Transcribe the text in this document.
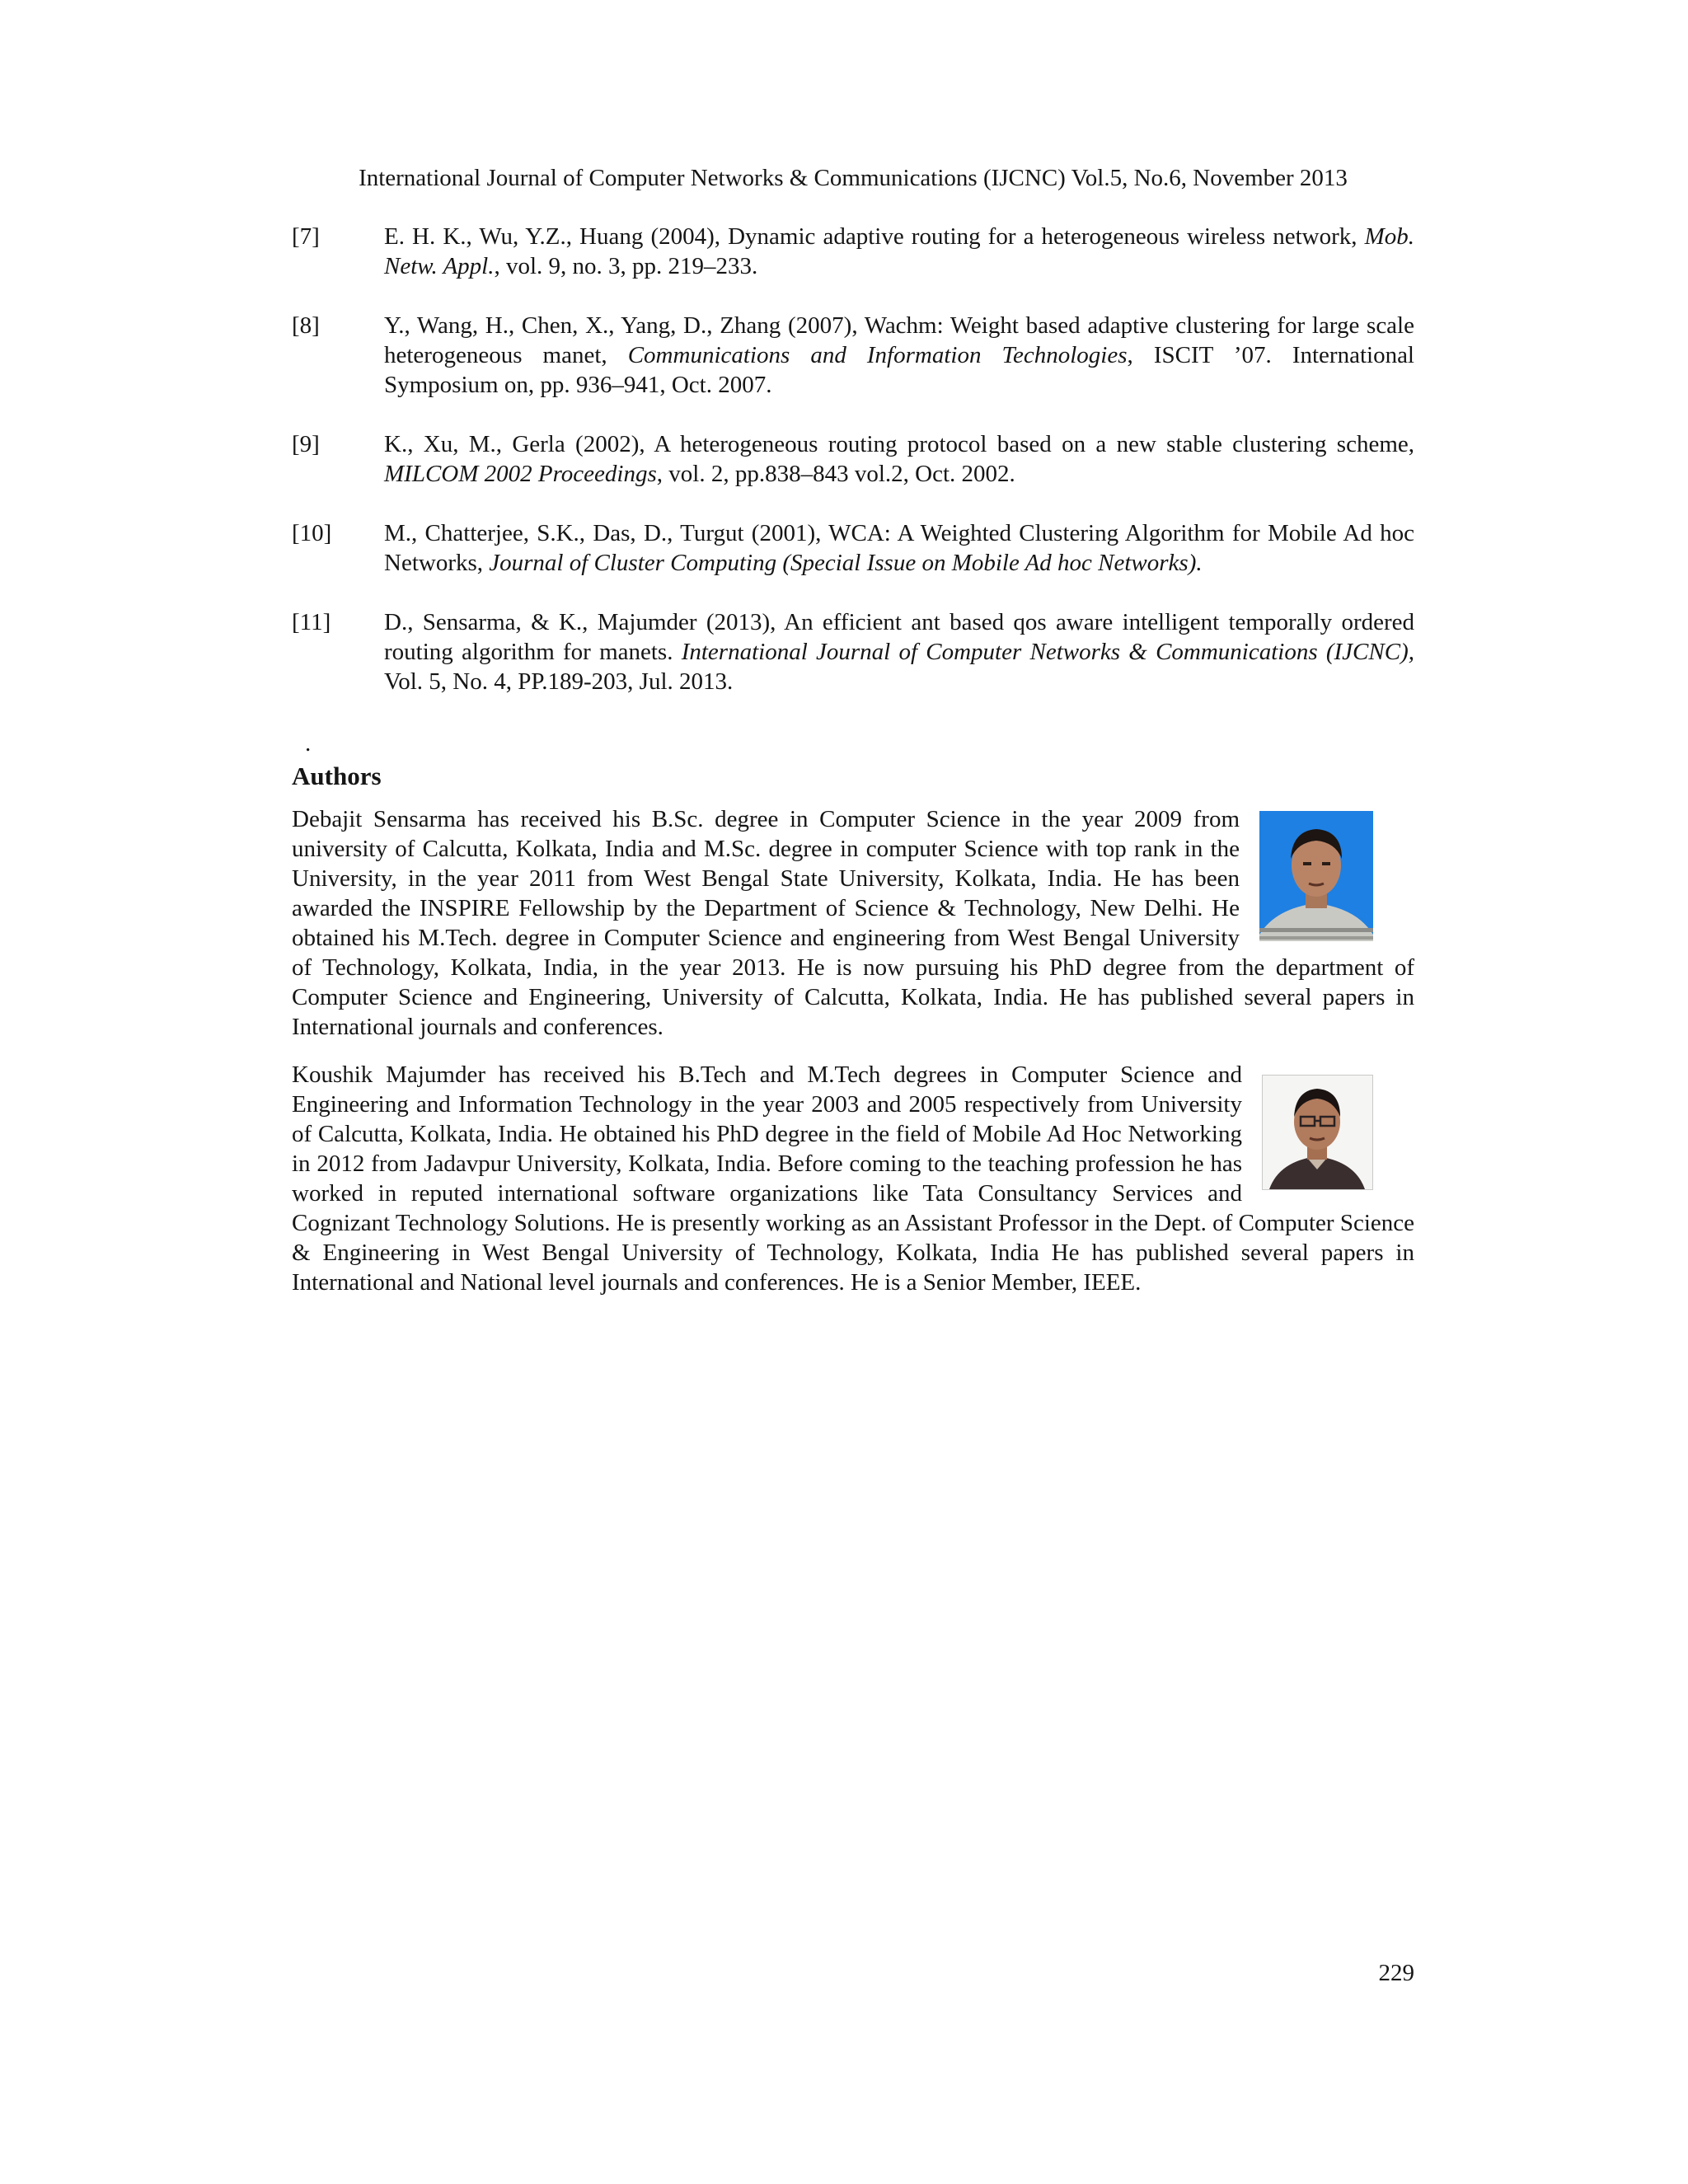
International Journal of Computer Networks & Communications (IJCNC) Vol.5, No.6, November 2013
[7]	E. H. K., Wu, Y.Z., Huang (2004), Dynamic adaptive routing for a heterogeneous wireless network, Mob. Netw. Appl., vol. 9, no. 3, pp. 219–233.
[8]	Y., Wang, H., Chen, X., Yang, D., Zhang (2007), Wachm: Weight based adaptive clustering for large scale heterogeneous manet, Communications and Information Technologies, ISCIT ’07. International Symposium on, pp. 936–941, Oct. 2007.
[9]	K., Xu, M., Gerla (2002), A heterogeneous routing protocol based on a new stable clustering scheme, MILCOM 2002 Proceedings, vol. 2, pp.838–843 vol.2, Oct. 2002.
[10]	M., Chatterjee, S.K., Das, D., Turgut (2001), WCA: A Weighted Clustering Algorithm for Mobile Ad hoc Networks, Journal of Cluster Computing (Special Issue on Mobile Ad hoc Networks).
[11]	D., Sensarma, & K., Majumder (2013), An efficient ant based qos aware intelligent temporally ordered routing algorithm for manets. International Journal of Computer Networks & Communications (IJCNC), Vol. 5, No. 4, PP.189-203, Jul. 2013.
.
Authors
Debajit Sensarma has received his B.Sc. degree in Computer Science in the year 2009 from university of Calcutta, Kolkata, India and M.Sc. degree in computer Science with top rank in the University, in the year 2011 from West Bengal State University, Kolkata, India. He has been awarded the INSPIRE Fellowship by the Department of Science & Technology, New Delhi. He obtained his M.Tech. degree in Computer Science and engineering from West Bengal University of Technology, Kolkata, India, in the year 2013. He is now pursuing his PhD degree from the department of Computer Science and Engineering, University of Calcutta, Kolkata, India. He has published several papers in International journals and conferences.
Koushik Majumder has received his B.Tech and M.Tech degrees in Computer Science and Engineering and Information Technology in the year 2003 and 2005 respectively from University of Calcutta, Kolkata, India. He obtained his PhD degree in the field of Mobile Ad Hoc Networking in 2012 from Jadavpur University, Kolkata, India. Before coming to the teaching profession he has worked in reputed international software organizations like Tata Consultancy Services and Cognizant Technology Solutions. He is presently working as an Assistant Professor in the Dept. of Computer Science & Engineering in West Bengal University of Technology, Kolkata, India He has published several papers in International and National level journals and conferences. He is a Senior Member, IEEE.
229
